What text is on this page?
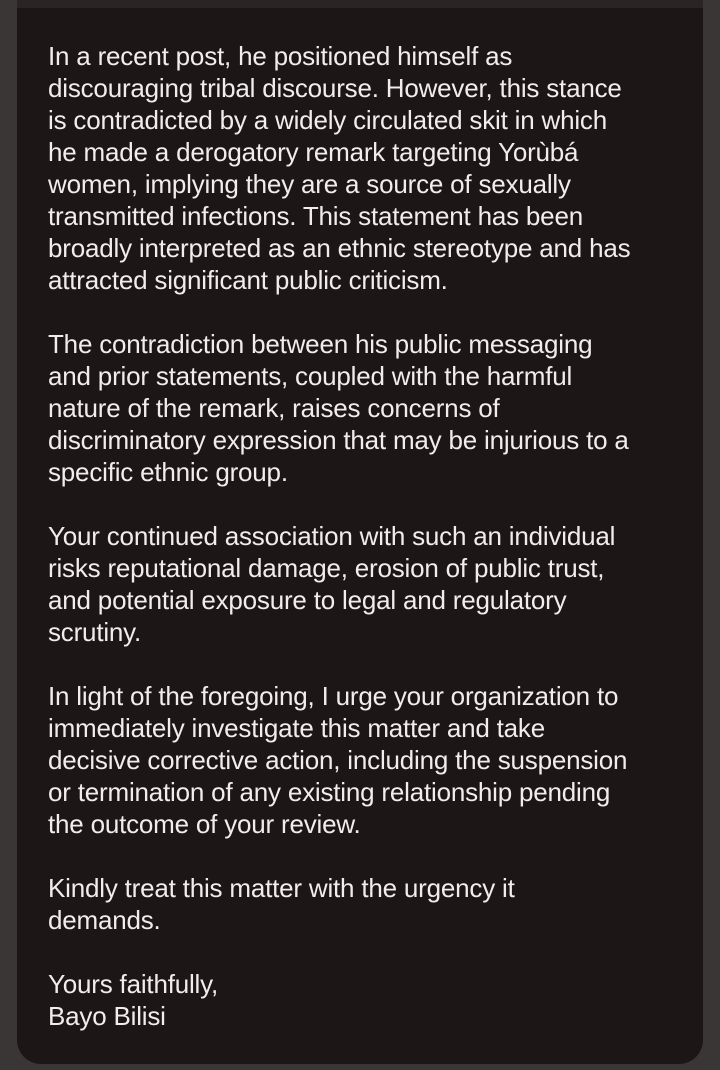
In a recent post, he positioned himself as
discouraging tribal discourse. However, this stance
is contradicted by a widely circulated skit in which
he made a derogatory remark targeting Yorùbá
women, implying they are a source of sexually
transmitted infections. This statement has been
broadly interpreted as an ethnic stereotype and has
attracted significant public criticism.

The contradiction between his public messaging
and prior statements, coupled with the harmful
nature of the remark, raises concerns of
discriminatory expression that may be injurious to a
specific ethnic group.

Your continued association with such an individual
risks reputational damage, erosion of public trust,
and potential exposure to legal and regulatory
scrutiny.

In light of the foregoing, I urge your organization to
immediately investigate this matter and take
decisive corrective action, including the suspension
or termination of any existing relationship pending
the outcome of your review.

Kindly treat this matter with the urgency it
demands.

Yours faithfully,

Bayo Bilisi
